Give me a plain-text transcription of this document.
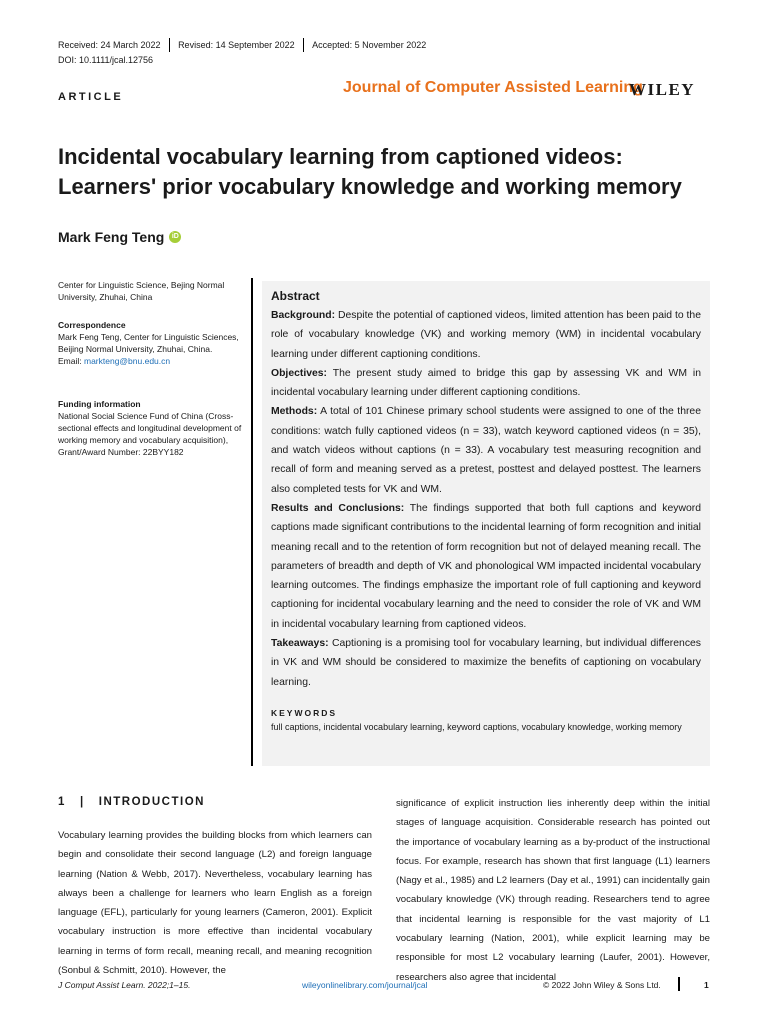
Received: 24 March 2022 Revised: 14 September 2022 Accepted: 5 November 2022
DOI: 10.1111/jcal.12756
ARTICLE
Journal of Computer Assisted Learning
WILEY
Incidental vocabulary learning from captioned videos: Learners' prior vocabulary knowledge and working memory
Mark Feng Teng	iD
Center for Linguistic Science, Bejing Normal University, Zhuhai, China
Correspondence
Mark Feng Teng, Center for Linguistic Sciences, Beijing Normal University, Zhuhai, China.
Email: markteng@bnu.edu.cn
Funding information
National Social Science Fund of China (Cross-sectional effects and longitudinal development of working memory and vocabulary acquisition), Grant/Award Number: 22BYY182
Abstract

Background: Despite the potential of captioned videos, limited attention has been paid to the role of vocabulary knowledge (VK) and working memory (WM) in incidental vocabulary learning under different captioning conditions.

Objectives: The present study aimed to bridge this gap by assessing VK and WM in incidental vocabulary learning under different captioning conditions.

Methods: A total of 101 Chinese primary school students were assigned to one of the three conditions: watch fully captioned videos (n = 33), watch keyword captioned videos (n = 35), and watch videos without captions (n = 33). A vocabulary test measuring recognition and recall of form and meaning served as a pretest, posttest and delayed posttest. The learners also completed tests for VK and WM.

Results and Conclusions: The findings supported that both full captions and keyword captions made significant contributions to the incidental learning of form recognition and initial meaning recall and to the retention of form recognition but not of delayed meaning recall. The parameters of breadth and depth of VK and phonological WM impacted incidental vocabulary learning outcomes. The findings emphasize the important role of full captioning and keyword captioning for incidental vocabulary learning and the need to consider the role of VK and WM in incidental vocabulary learning from captioned videos.

Takeaways: Captioning is a promising tool for vocabulary learning, but individual differences in VK and WM should be considered to maximize the benefits of captioning on vocabulary learning.

KEYWORDS
full captions, incidental vocabulary learning, keyword captions, vocabulary knowledge, working memory
1   |   INTRODUCTION
Vocabulary learning provides the building blocks from which learners can begin and consolidate their second language (L2) and foreign language learning (Nation & Webb, 2017). Nevertheless, vocabulary learning has always been a challenge for learners who learn English as a foreign language (EFL), particularly for young learners (Cameron, 2001). Explicit vocabulary instruction is more effective than incidental vocabulary learning in terms of form recall, meaning recall, and meaning recognition (Sonbul & Schmitt, 2010). However, the
significance of explicit instruction lies inherently deep within the initial stages of language acquisition. Considerable research has pointed out the importance of vocabulary learning as a by-product of the instructional focus. For example, research has shown that first language (L1) learners (Nagy et al., 1985) and L2 learners (Day et al., 1991) can incidentally gain vocabulary knowledge (VK) through reading. Researchers tend to agree that incidental learning is responsible for the vast majority of L1 vocabulary learning (Nation, 2001), while explicit learning may be responsible for most L2 vocabulary learning (Laufer, 2001). However, researchers also agree that incidental
J Comput Assist Learn. 2022;1–15.	wileyonlinelibrary.com/journal/jcal	© 2022 John Wiley & Sons Ltd.	1
